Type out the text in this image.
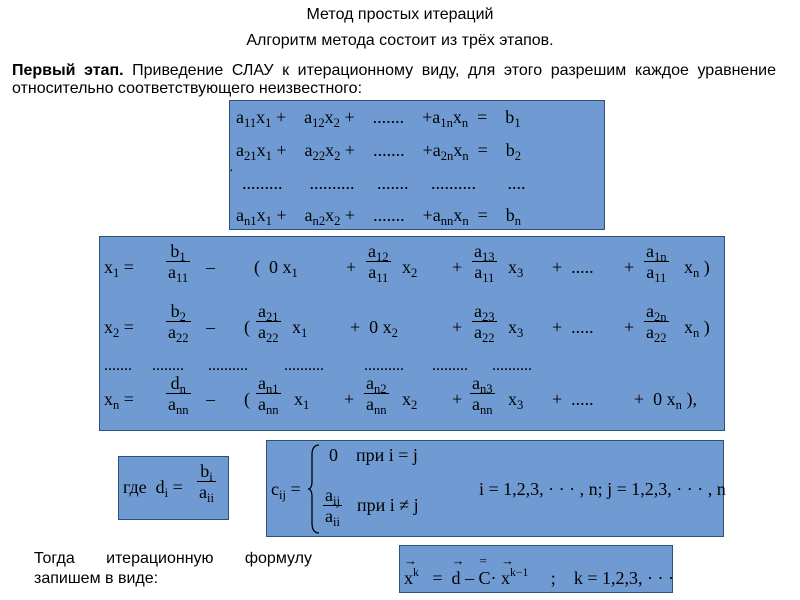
Метод простых итераций
Алгоритм метода состоит из трёх этапов.
Первый этап. Приведение СЛАУ к итерационному виду, для этого разрешим каждое уравнение относительно соответствующего неизвестного:
$a_{11}x_1$ +    $a_{12}x_2$ +    .......    $+a_{1n}x_n$  =    $b_1$
$a_{21}x_1$ +    $a_{22}x_2$ +    .......    $+a_{2n}x_n$  =    $b_2$
......... .......... ....... .......... ....
$a_{n1}x_1$ +    $a_{n2}x_2$ +    .......    $+a_{nn}x_n$  =    $b_n$
·
$x_1$ =
$b_1$
$a_{11}$
– (  0 $x_1$	+
$a_{12}$
$a_{11}$
$x_2$ +
$a_{13}$
$a_{11}$
$x_3$ +  ..... +
$a_{1n}$
$a_{11}$
$x_n$ )
$x_2$ =
$b_2$
$a_{22}$
– (
$a_{21}$
$a_{22}$
$x_1 + 0$ $x_2$	+
$a_{23}$
$a_{22}$
$x_3$ +  ..... +
$a_{2n}$
$a_{22}$
$x_n$ )
....... ........ .......... ..........	.......... ......... ..........
$x_n$ =
$d_n$
$a_{nn}$
– (
$a_{n1}$
$a_{nn}$
$x_1$ +
$a_{n2}$
$a_{nn}$
$x_2$ +
$a_{n3}$
$a_{nn}$
$x_3$ +  ..... +  0 $x_n$ ),
где  $d_i$ =
$b_i$
$a_{ii}$	$c_{ij}$ =
0 при i = j
$a_{ij}$
$a_{ii}$
при i ≠ j
i = 1,2,3, · · · , n; j = 1,2,3, · · · , n
Тогда итерационную формулу запишем в виде:
→	$x^k$   =  → d – = $C\cdot \to x^{k-1}$     ;    k = 1,2,3, · · ·
